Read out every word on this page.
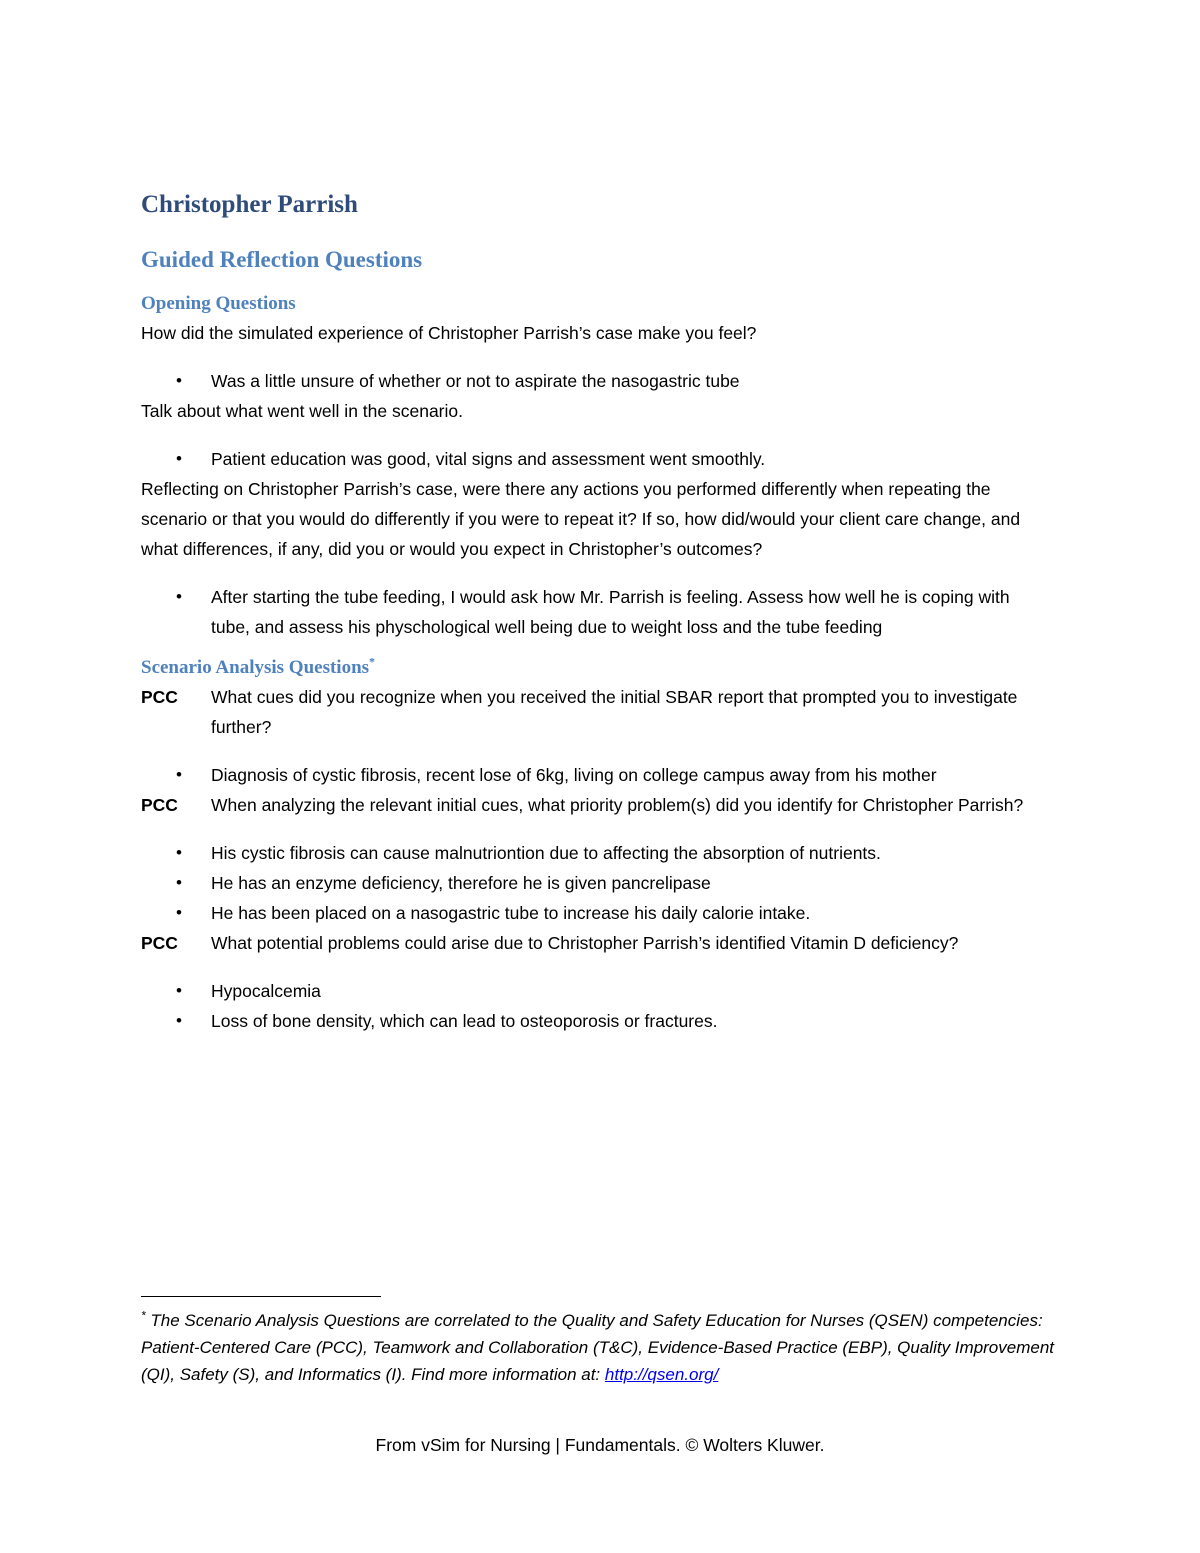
Christopher Parrish
Guided Reflection Questions
Opening Questions

How did the simulated experience of Christopher Parrish’s case make you feel?

• Was a little unsure of whether or not to aspirate the nasogastric tube

Talk about what went well in the scenario.

• Patient education was good, vital signs and assessment went smoothly.

Reflecting on Christopher Parrish’s case, were there any actions you performed differently when repeating the scenario or that you would do differently if you were to repeat it? If so, how did/would your client care change, and what differences, if any, did you or would you expect in Christopher’s outcomes?

• After starting the tube feeding, I would ask how Mr. Parrish is feeling. Assess how well he is coping with tube, and assess his physchological well being due to weight loss and the tube feeding
Scenario Analysis Questions*
PCC What cues did you recognize when you received the initial SBAR report that prompted you to investigate further?
• Diagnosis of cystic fibrosis, recent lose of 6kg, living on college campus away from his mother
PCC When analyzing the relevant initial cues, what priority problem(s) did you identify for Christopher Parrish?
• His cystic fibrosis can cause malnutriontion due to affecting the absorption of nutrients.
• He has an enzyme deficiency, therefore he is given pancrelipase
• He has been placed on a nasogastric tube to increase his daily calorie intake.
PCC What potential problems could arise due to Christopher Parrish’s identified Vitamin D deficiency?
• Hypocalcemia
• Loss of bone density, which can lead to osteoporosis or fractures.
* The Scenario Analysis Questions are correlated to the Quality and Safety Education for Nurses (QSEN) competencies: Patient-Centered Care (PCC), Teamwork and Collaboration (T&C), Evidence-Based Practice (EBP), Quality Improvement (QI), Safety (S), and Informatics (I). Find more information at: http://qsen.org/
From vSim for Nursing | Fundamentals. © Wolters Kluwer.
